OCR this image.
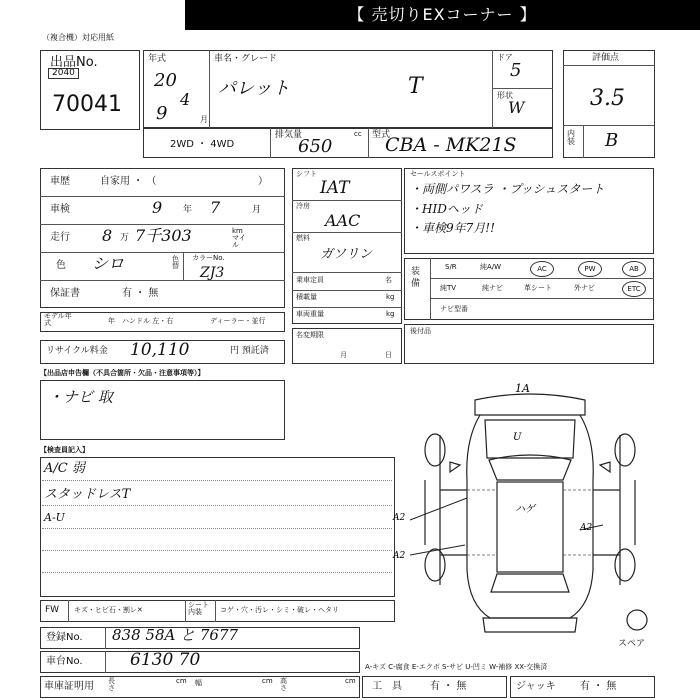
【 売切りEXコーナー 】
（複合機）対応用紙
出品No.
2040
70041
年式
20
4
月
9
車名・グレード
パレット	T
ドア
5
形状
W
評価点
3.5
内装 B
2WD ・ 4WD
排気量
650
cc 型式
CBA - MK21S
車歴	自家用 ・ （	）
車検	9 年 7	月
走行 8 万 7千303	km マイル
色 シロ	色替
カラーNo.
ZJ3
保証書	有 ・ 無
モデル年式	年 ハンドル 左・右	ディーラー・並行
リサイクル料金 10,110	円 預託済
シフト
IAT
冷房
AAC
燃料
ガソリン
乗車定員	名
積載量	kg
車両重量	kg
名変期限
月	日
セールスポイント
・両側パワスラ ・プッシュスタート
・HIDヘッド
・車検9年7月!!
装備
S/R	純A/W	AC	PW	AB
純TV	純ナビ	革シート	外ナビ	ETC
ナビ型番
後付品
【出品店申告欄（不具合箇所・欠品・注意事項等）】
・ナビ 取
【検査員記入】
A/C 弱
スタッドレスT
A-U
FW キズ・ヒビ石・割レ✕
シート内装	コゲ・穴・汚レ・シミ・破レ・ヘタリ
登録No. 838 58A と 7677
車台No.	6130 70
車庫証明用 長さ
cm 幅	cm 高さ
cm
1A
U
A2
ハゲ
A2
A2
スペア
A-キズ C-腐食 E-エクボ S-サビ U-凹ミ W-補修 XX-交換済
工　具	有 ・ 無	ジャッキ 有 ・ 無
